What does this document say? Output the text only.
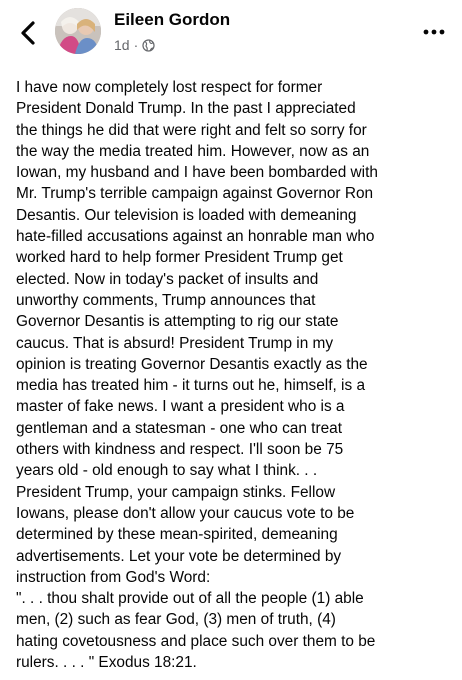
Eileen Gordon
1d ·
I have now completely lost respect for former
President Donald Trump. In the past I appreciated
the things he did that were right and felt so sorry for
the way the media treated him. However, now as an
Iowan, my husband and I have been bombarded with
Mr. Trump's terrible campaign against Governor Ron
Desantis. Our television is loaded with demeaning
hate-filled accusations against an honrable man who
worked hard to help former President Trump get
elected. Now in today's packet of insults and
unworthy comments, Trump announces that
Governor Desantis is attempting to rig our state
caucus. That is absurd! President Trump in my
opinion is treating Governor Desantis exactly as the
media has treated him - it turns out he, himself, is a
master of fake news. I want a president who is a
gentleman and a statesman - one who can treat
others with kindness and respect. I'll soon be 75
years old - old enough to say what I think. . .
President Trump, your campaign stinks. Fellow
Iowans, please don't allow your caucus vote to be
determined by these mean-spirited, demeaning
advertisements. Let your vote be determined by
instruction from God's Word:
". . . thou shalt provide out of all the people (1) able
men, (2) such as fear God, (3) men of truth, (4)
hating covetousness and place such over them to be
rulers. . . . " Exodus 18:21.
